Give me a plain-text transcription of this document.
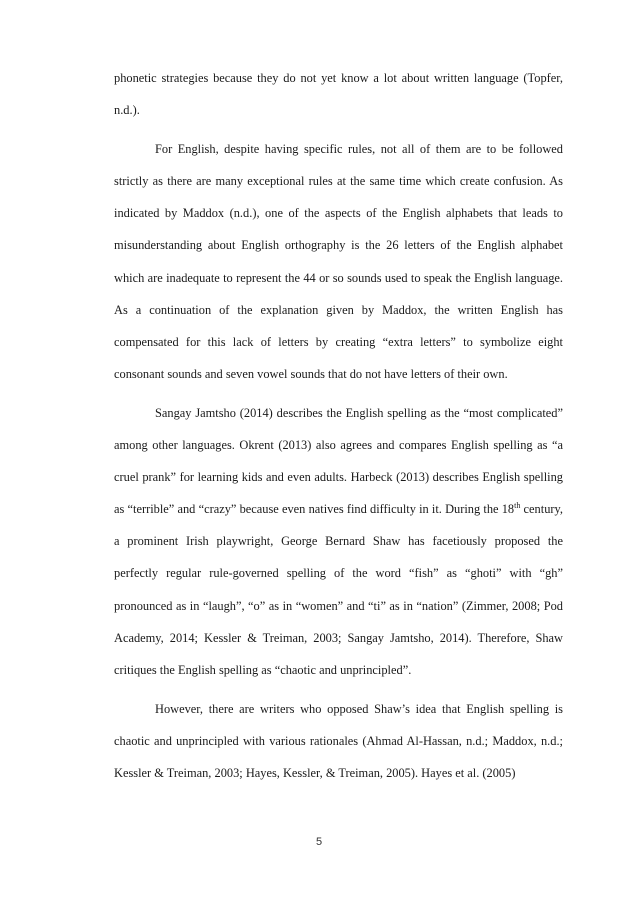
phonetic strategies because they do not yet know a lot about written language (Topfer, n.d.).

For English, despite having specific rules, not all of them are to be followed strictly as there are many exceptional rules at the same time which create confusion. As indicated by Maddox (n.d.), one of the aspects of the English alphabets that leads to misunderstanding about English orthography is the 26 letters of the English alphabet which are inadequate to represent the 44 or so sounds used to speak the English language. As a continuation of the explanation given by Maddox, the written English has compensated for this lack of letters by creating “extra letters” to symbolize eight consonant sounds and seven vowel sounds that do not have letters of their own.

Sangay Jamtsho (2014) describes the English spelling as the “most complicated” among other languages. Okrent (2013) also agrees and compares English spelling as “a cruel prank” for learning kids and even adults. Harbeck (2013) describes English spelling as “terrible” and “crazy” because even natives find difficulty in it. During the 18th century, a prominent Irish playwright, George Bernard Shaw has facetiously proposed the perfectly regular rule-governed spelling of the word “fish” as “ghoti” with “gh” pronounced as in “laugh”, “o” as in “women” and “ti” as in “nation” (Zimmer, 2008; Pod Academy, 2014; Kessler & Treiman, 2003; Sangay Jamtsho, 2014). Therefore, Shaw critiques the English spelling as “chaotic and unprincipled”.

However, there are writers who opposed Shaw’s idea that English spelling is chaotic and unprincipled with various rationales (Ahmad Al-Hassan, n.d.; Maddox, n.d.; Kessler & Treiman, 2003; Hayes, Kessler, & Treiman, 2005). Hayes et al. (2005)

5
